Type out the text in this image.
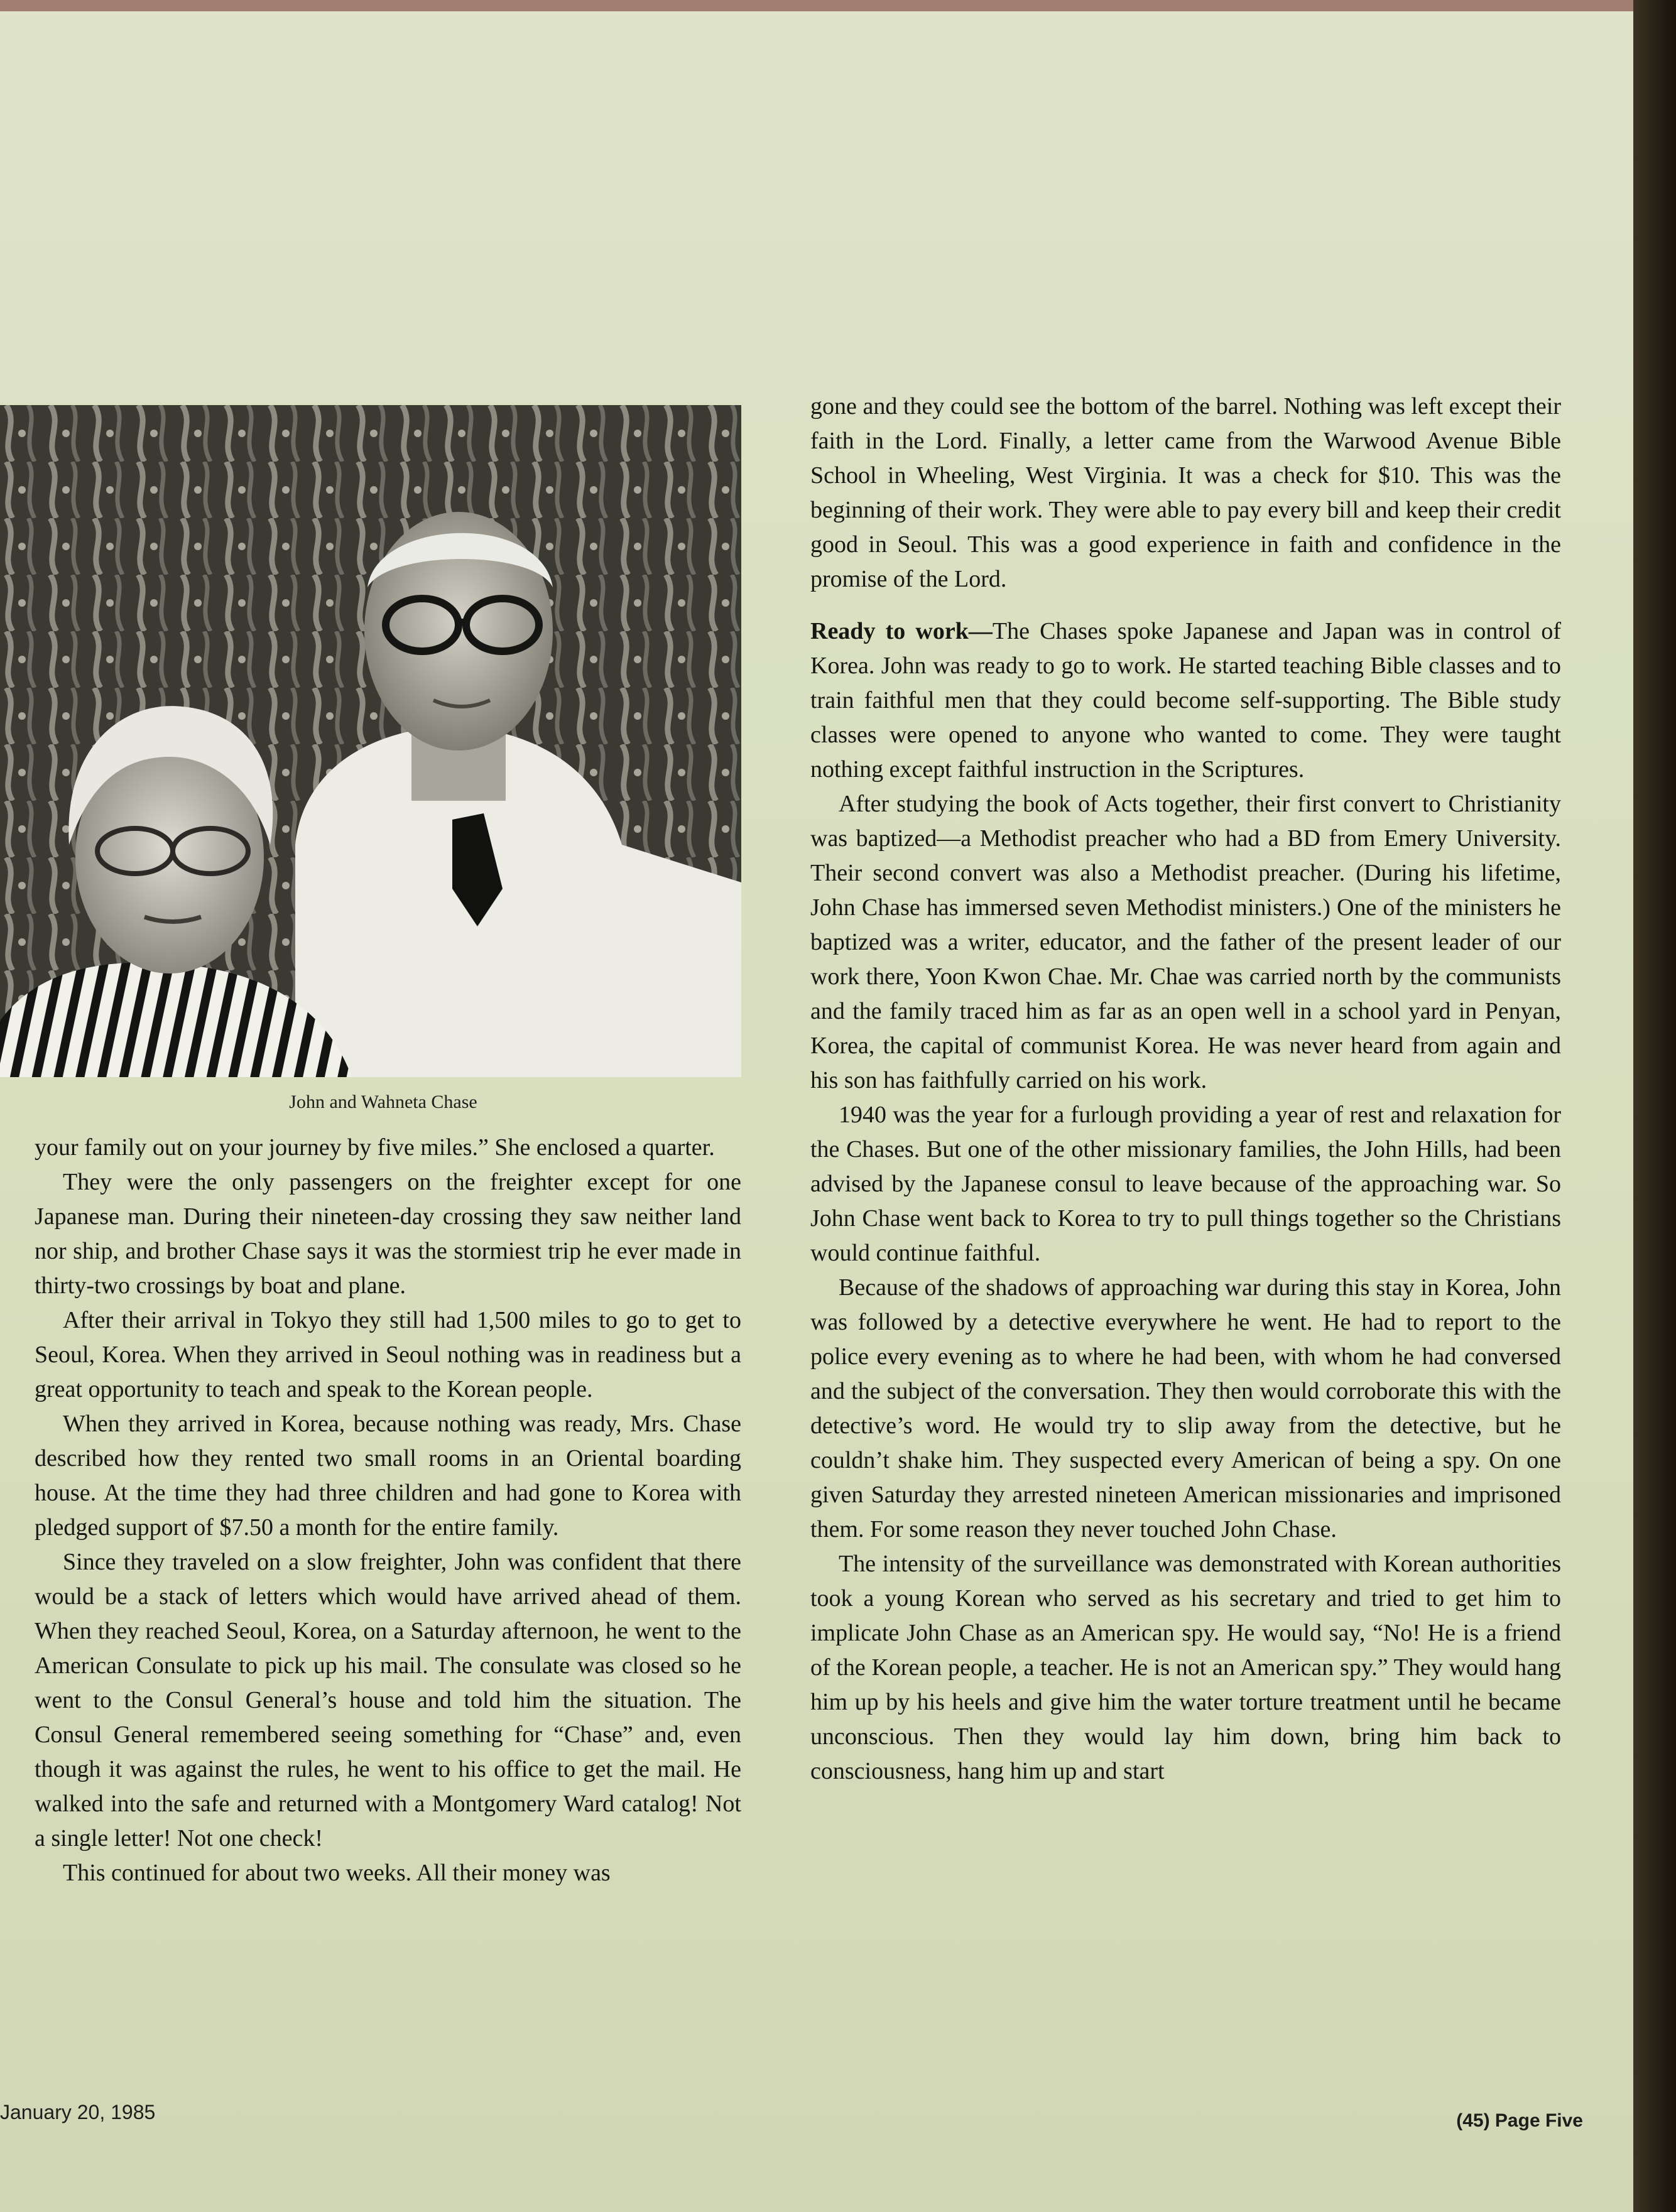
John and Wahneta Chase

your family out on your journey by five miles.” She enclosed a quarter.

They were the only passengers on the freighter except for one Japanese man. During their nineteen-day crossing they saw neither land nor ship, and brother Chase says it was the stormiest trip he ever made in thirty-two crossings by boat and plane.

After their arrival in Tokyo they still had 1,500 miles to go to get to Seoul, Korea. When they arrived in Seoul nothing was in readiness but a great opportunity to teach and speak to the Korean people.

When they arrived in Korea, because nothing was ready, Mrs. Chase described how they rented two small rooms in an Oriental boarding house. At the time they had three children and had gone to Korea with pledged support of $7.50 a month for the entire family.

Since they traveled on a slow freighter, John was confident that there would be a stack of letters which would have arrived ahead of them. When they reached Seoul, Korea, on a Saturday afternoon, he went to the American Consulate to pick up his mail. The consulate was closed so he went to the Consul General’s house and told him the situation. The Consul General remembered seeing something for “Chase” and, even though it was against the rules, he went to his office to get the mail. He walked into the safe and returned with a Montgomery Ward catalog! Not a single letter! Not one check!

This continued for about two weeks. All their money was

gone and they could see the bottom of the barrel. Nothing was left except their faith in the Lord. Finally, a letter came from the Warwood Avenue Bible School in Wheeling, West Virginia. It was a check for $10. This was the beginning of their work. They were able to pay every bill and keep their credit good in Seoul. This was a good experience in faith and confidence in the promise of the Lord.

Ready to work—The Chases spoke Japanese and Japan was in control of Korea. John was ready to go to work. He started teaching Bible classes and to train faithful men that they could become self-supporting. The Bible study classes were opened to anyone who wanted to come. They were taught nothing except faithful instruction in the Scriptures.

After studying the book of Acts together, their first convert to Christianity was baptized—a Methodist preacher who had a BD from Emery University. Their second convert was also a Methodist preacher. (During his lifetime, John Chase has immersed seven Methodist ministers.) One of the ministers he baptized was a writer, educator, and the father of the present leader of our work there, Yoon Kwon Chae. Mr. Chae was carried north by the communists and the family traced him as far as an open well in a school yard in Penyan, Korea, the capital of communist Korea. He was never heard from again and his son has faithfully carried on his work.

1940 was the year for a furlough providing a year of rest and relaxation for the Chases. But one of the other missionary families, the John Hills, had been advised by the Japanese consul to leave because of the approaching war. So John Chase went back to Korea to try to pull things together so the Christians would continue faithful.

Because of the shadows of approaching war during this stay in Korea, John was followed by a detective everywhere he went. He had to report to the police every evening as to where he had been, with whom he had conversed and the subject of the conversation. They then would corroborate this with the detective’s word. He would try to slip away from the detective, but he couldn’t shake him. They suspected every American of being a spy. On one given Saturday they arrested nineteen American missionaries and imprisoned them. For some reason they never touched John Chase.

The intensity of the surveillance was demonstrated with Korean authorities took a young Korean who served as his secretary and tried to get him to implicate John Chase as an American spy. He would say, “No! He is a friend of the Korean people, a teacher. He is not an American spy.” They would hang him up by his heels and give him the water torture treatment until he became unconscious. Then they would lay him down, bring him back to consciousness, hang him up and start

January 20, 1985	(45) Page Five
